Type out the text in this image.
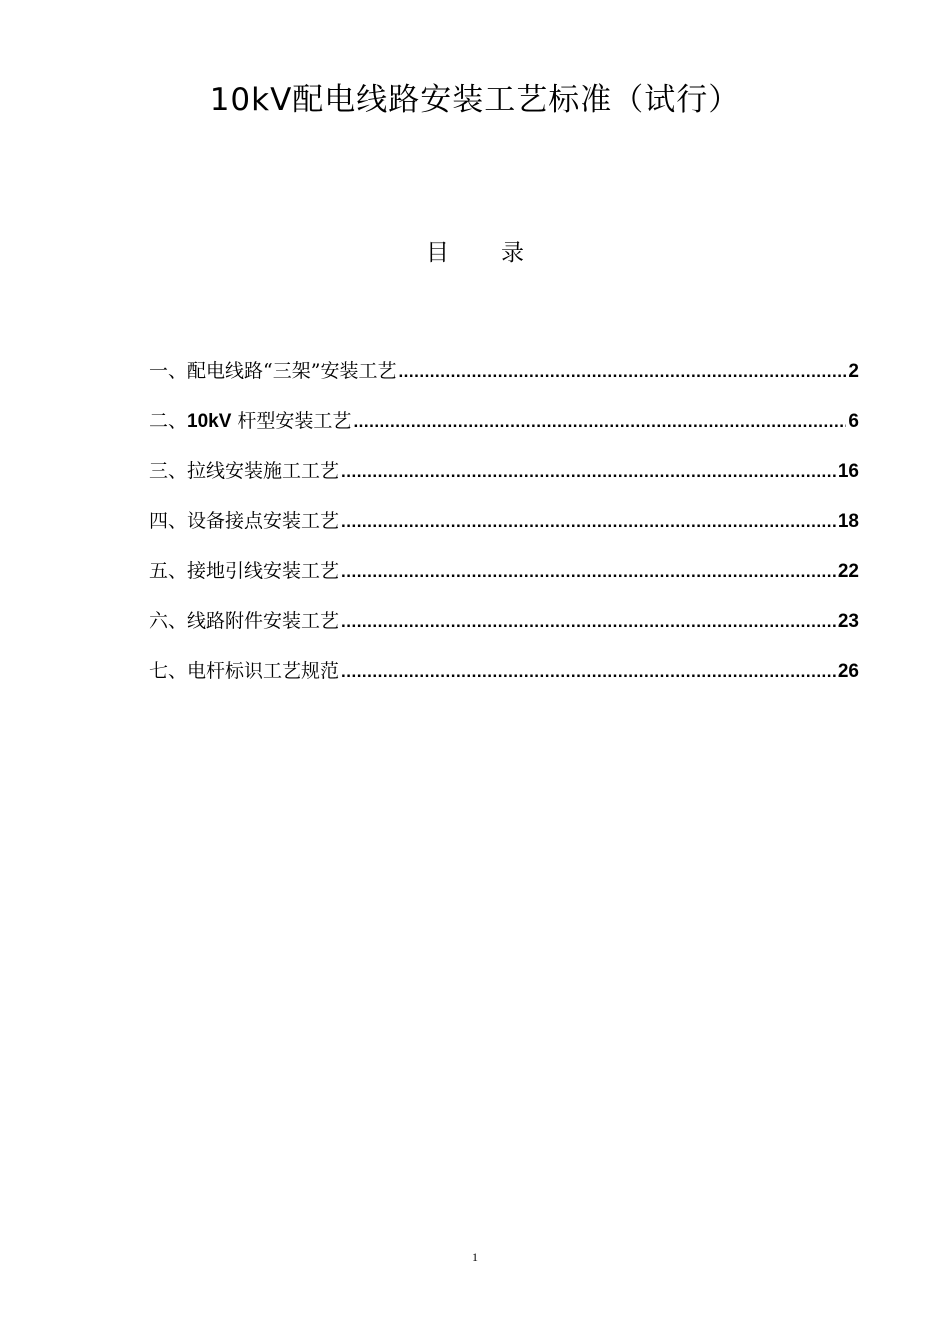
10kV配电线路安装工艺标准（试行）
目 录
一、配电线路“三架”安装工艺 .....	2
二、10kV 杆型安装工艺 .....	6
三、拉线安装施工工艺 .....	16
四、设备接点安装工艺 .....	18
五、接地引线安装工艺 .....	22
六、线路附件安装工艺 .....	23
七、电杆标识工艺规范 .....	26
1
